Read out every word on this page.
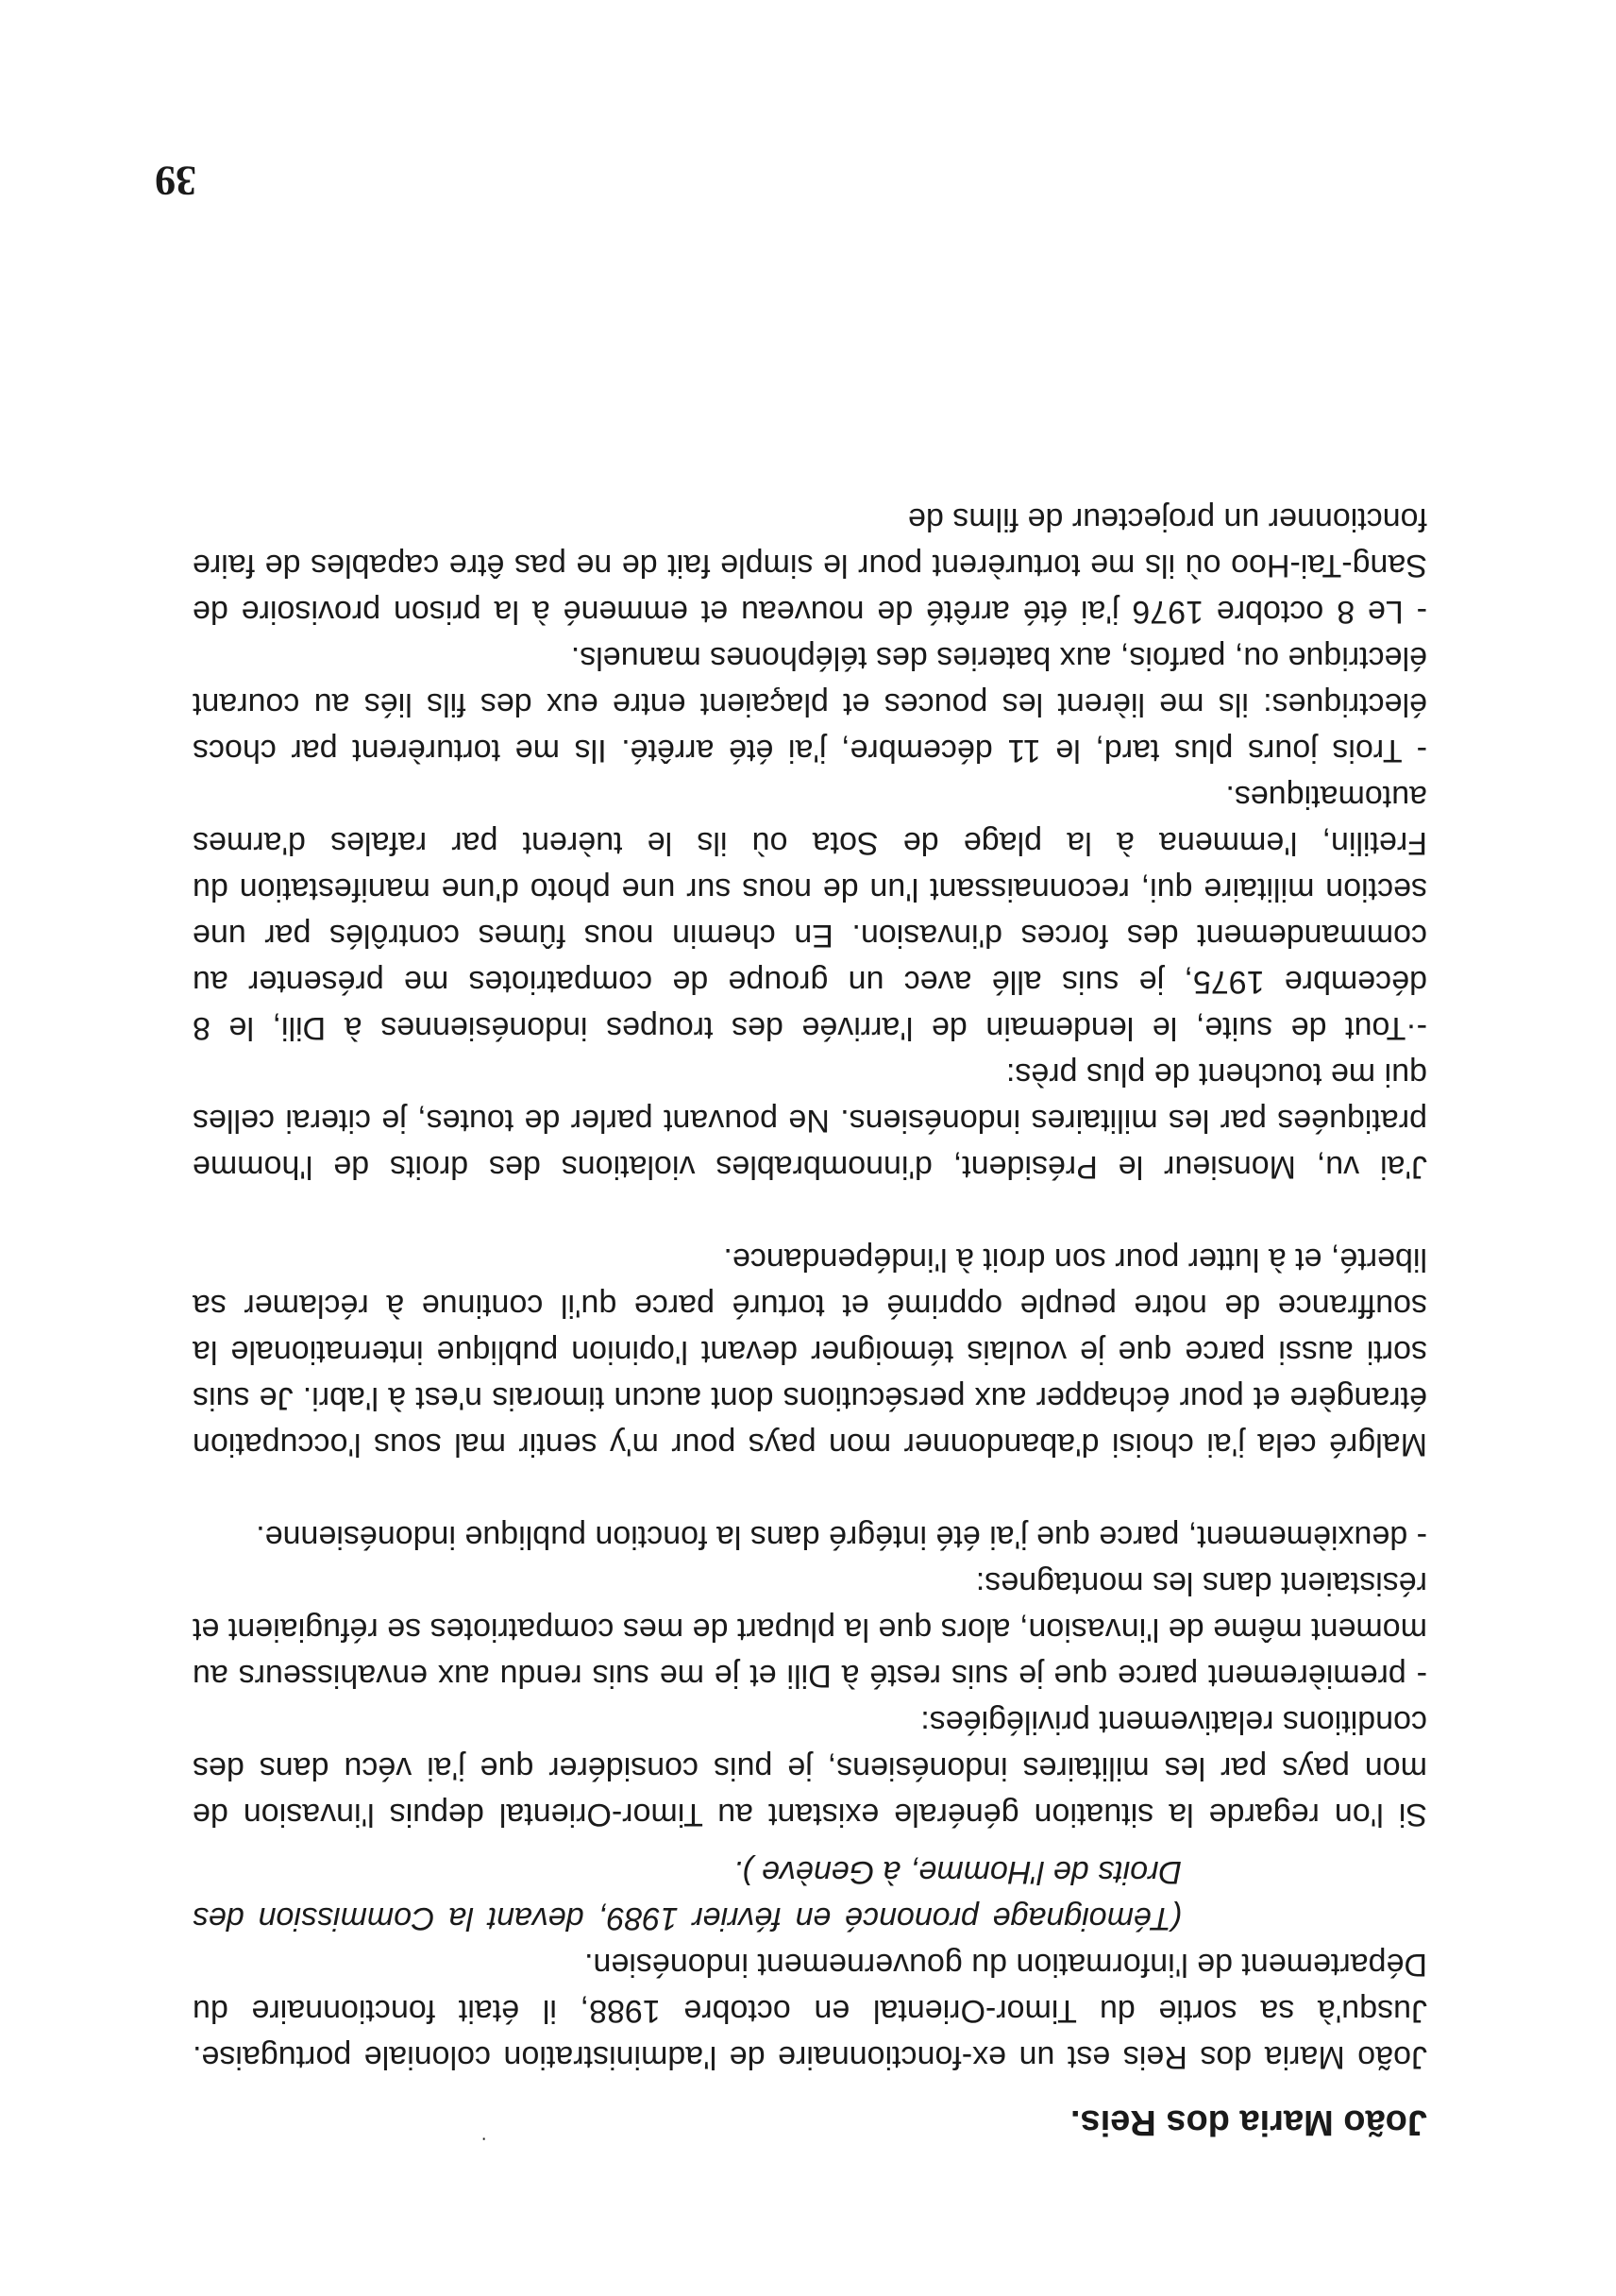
·	João Maria dos Reis.

João Maria dos Reis est un ex-fonctionnaire de l'administration coloniale portugaise. Jusqu'à sa sortie du Timor-Oriental en octobre 1988, il était fonctionnaire du Département de l'information du gouvernement indonésien.

(Témoignage prononcé en février 1989, devant la Commission des Droits de l'Homme, à Genève ).

Si l'on regarde la situation générale existant au Timor-Oriental depuis l'invasion de mon pays par les militaires indonésiens, je puis considérer que j'ai vécu dans des conditions relativement privilégiées:

- premièrement parce que je suis resté à Dili et je me suis rendu aux envahisseurs au moment même de l'invasion, alors que la plupart de mes compatriotes se réfugiaient et résistaient dans les montagnes:

- deuxièmement, parce que j'ai été intégré dans la fonction publique indonésienne.

Malgré cela j'ai choisi d'abandonner mon pays pour m'y sentir mal sous l'occupation étrangère et pour échapper aux persécutions dont aucun timorais n'est à l'abri. Je suis sorti aussi parce que je voulais témoigner devant l'opinion publique internationale la souffrance de notre peuple opprimé et torturé parce qu'il continue à réclamer sa liberté, et à lutter pour son droit à l'indépendance.

J'ai vu, Monsieur le Président, d'innombrables violations des droits de l'homme pratiquées par les militaires indonésiens. Ne pouvant parler de toutes, je citerai celles qui me touchent de plus près:

-·Tout de suite, le lendemain de l'arrivée des troupes indonésiennes à Dili, le 8 décembre 1975, je suis allé avec un groupe de compatriotes me présenter au commandement des forces d'invasion. En chemin nous fûmes contrôlés par une section militaire qui, reconnaissant l'un de nous sur une photo d'une manifestation du Fretilin, l'emmena à la plage de Sota où ils le tuèrent par rafales d'armes automatiques.

- Trois jours plus tard, le 11 décembre, j'ai été arrêté. Ils me torturèrent par chocs électriques: ils me lièrent les pouces et plaçaient entre eux des fils liés au courant électrique ou, parfois, aux bateries des téléphones manuels.

- Le 8 octobre 1976 j'ai été arrêté de nouveau et emmené à la prison provisoire de Sang-Tai-Hoo où ils me torturèrent pour le simple fait de ne pas être capables de faire fonctionner un projecteur de films de

39
